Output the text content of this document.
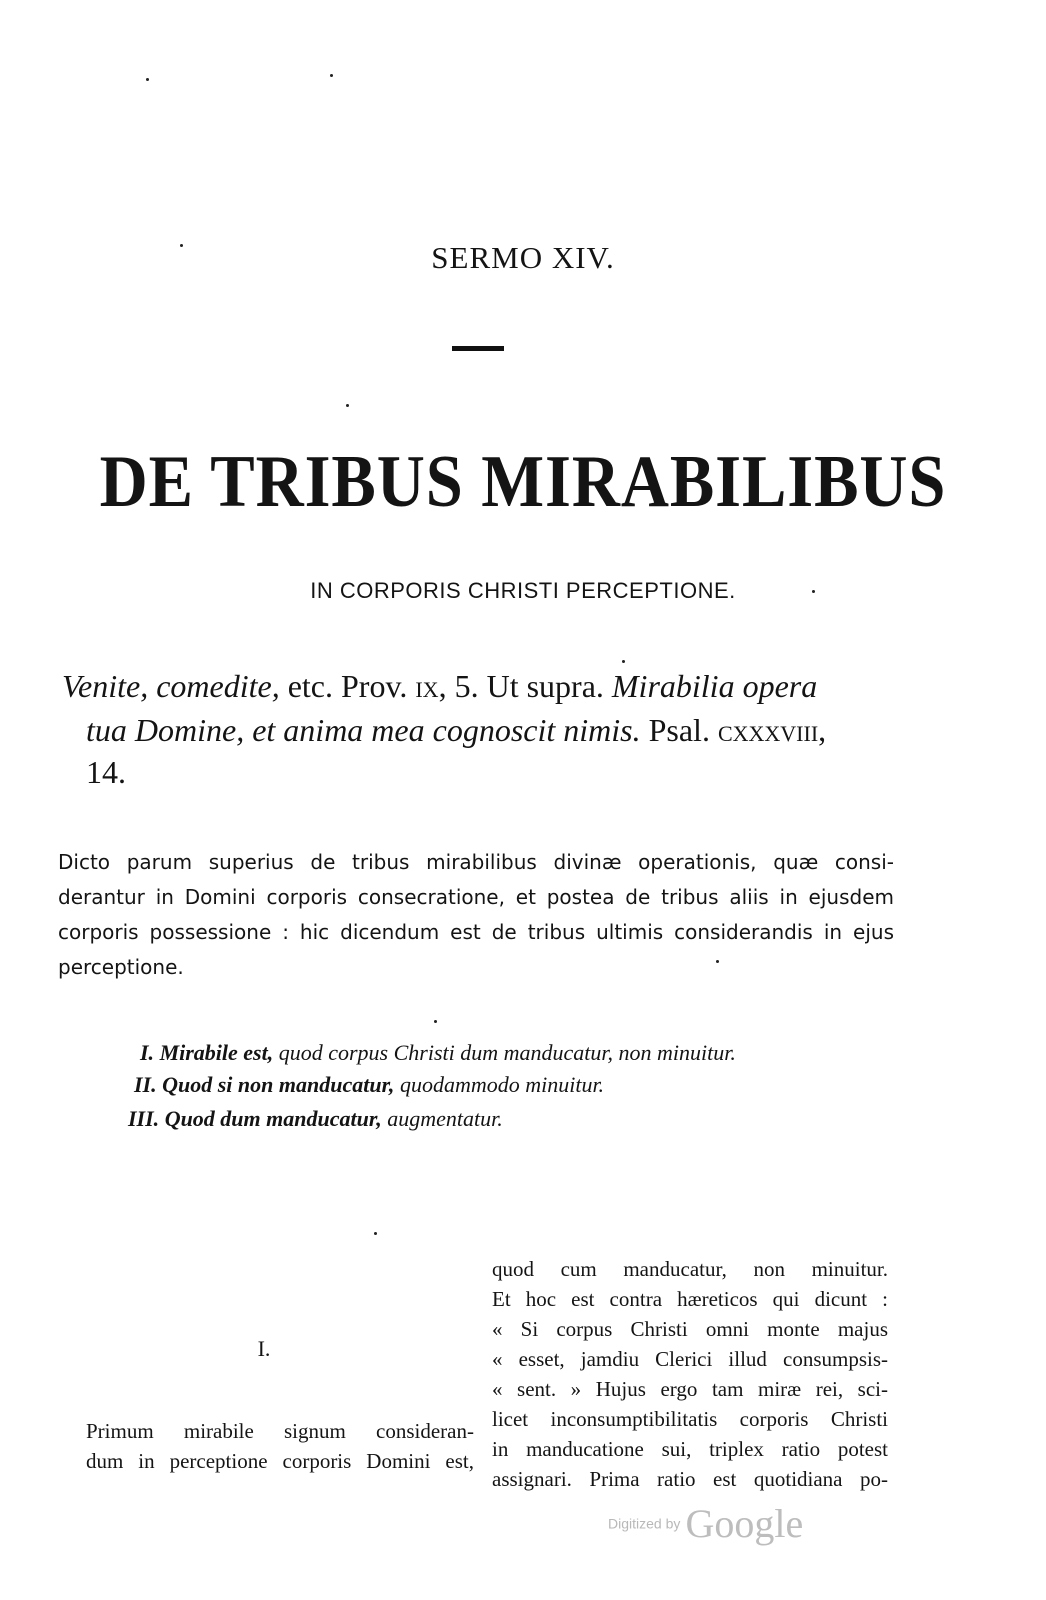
SERMO XIV.
DE TRIBUS MIRABILIBUS
IN CORPORIS CHRISTI PERCEPTIONE.
Venite, comedite, etc. Prov. ix, 5. Ut supra. Mirabilia opera
tua Domine, et anima mea cognoscit nimis. Psal. cxxxviii,
14.
Dicto parum superius de tribus mirabilibus divinæ operationis, quæ consi-
derantur in Domini corporis consecratione, et postea de tribus aliis in ejusdem
corporis possessione : hic dicendum est de tribus ultimis considerandis in ejus
perceptione.
I. Mirabile est, quod corpus Christi dum manducatur, non minuitur.
II. Quod si non manducatur, quodammodo minuitur.
III. Quod dum manducatur, augmentatur.
I.
Primum mirabile signum consideran-
dum in perceptione corporis Domini est,
quod cum manducatur, non minuitur.
Et hoc est contra hæreticos qui dicunt :
« Si corpus Christi omni monte majus
« esset, jamdiu Clerici illud consumpsis-
« sent. » Hujus ergo tam miræ rei, sci-
licet inconsumptibilitatis corporis Christi
in manducatione sui, triplex ratio potest
assignari. Prima ratio est quotidiana po-
Digitized by Google
